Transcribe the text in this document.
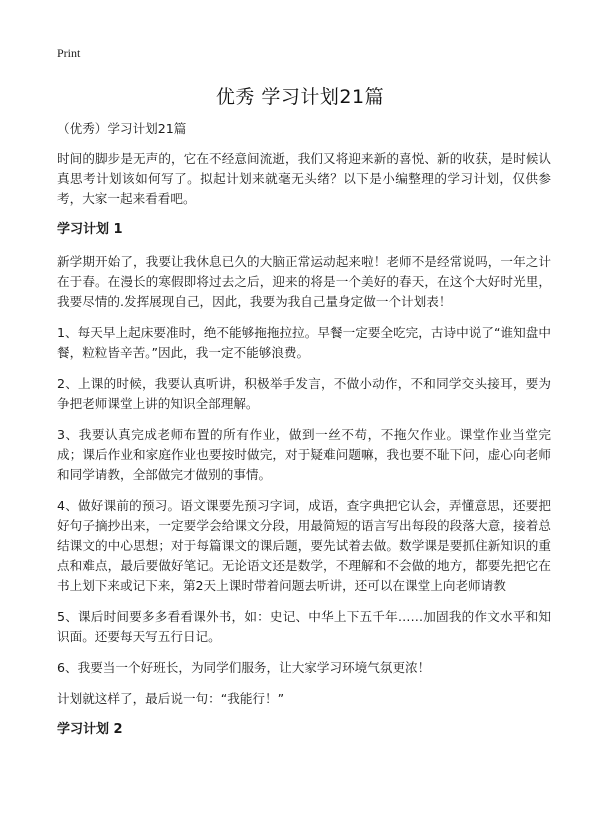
Print
优秀 学习计划21篇

（优秀）学习计划21篇

时间的脚步是无声的，它在不经意间流逝，我们又将迎来新的喜悦、新的收获，是时候认真思考计划该如何写了。拟起计划来就毫无头绪？以下是小编整理的学习计划，仅供参考，大家一起来看看吧。

学习计划 1

新学期开始了，我要让我休息已久的大脑正常运动起来啦！老师不是经常说吗，一年之计在于春。在漫长的寒假即将过去之后，迎来的将是一个美好的春天，在这个大好时光里，我要尽情的.发挥展现自己，因此，我要为我自己量身定做一个计划表！

1、每天早上起床要准时，绝不能够拖拖拉拉。早餐一定要全吃完，古诗中说了“谁知盘中餐，粒粒皆辛苦。”因此，我一定不能够浪费。

2、上课的时候，我要认真听讲，积极举手发言，不做小动作，不和同学交头接耳，要为争把老师课堂上讲的知识全部理解。

3、我要认真完成老师布置的所有作业，做到一丝不苟，不拖欠作业。课堂作业当堂完成；课后作业和家庭作业也要按时做完，对于疑难问题嘛，我也要不耻下问，虚心向老师和同学请教，全部做完才做别的事情。

4、做好课前的预习。语文课要先预习字词，成语，查字典把它认会，弄懂意思，还要把好句子摘抄出来，一定要学会给课文分段，用最简短的语言写出每段的段落大意，接着总结课文的中心思想；对于每篇课文的课后题，要先试着去做。数学课是要抓住新知识的重点和难点，最后要做好笔记。无论语文还是数学，不理解和不会做的地方，都要先把它在书上划下来或记下来，第2天上课时带着问题去听讲，还可以在课堂上向老师请教

5、课后时间要多多看看课外书，如：史记、中华上下五千年……加固我的作文水平和知识面。还要每天写五行日记。

6、我要当一个好班长，为同学们服务，让大家学习环境气氛更浓！

计划就这样了，最后说一句：“我能行！”

学习计划 2
